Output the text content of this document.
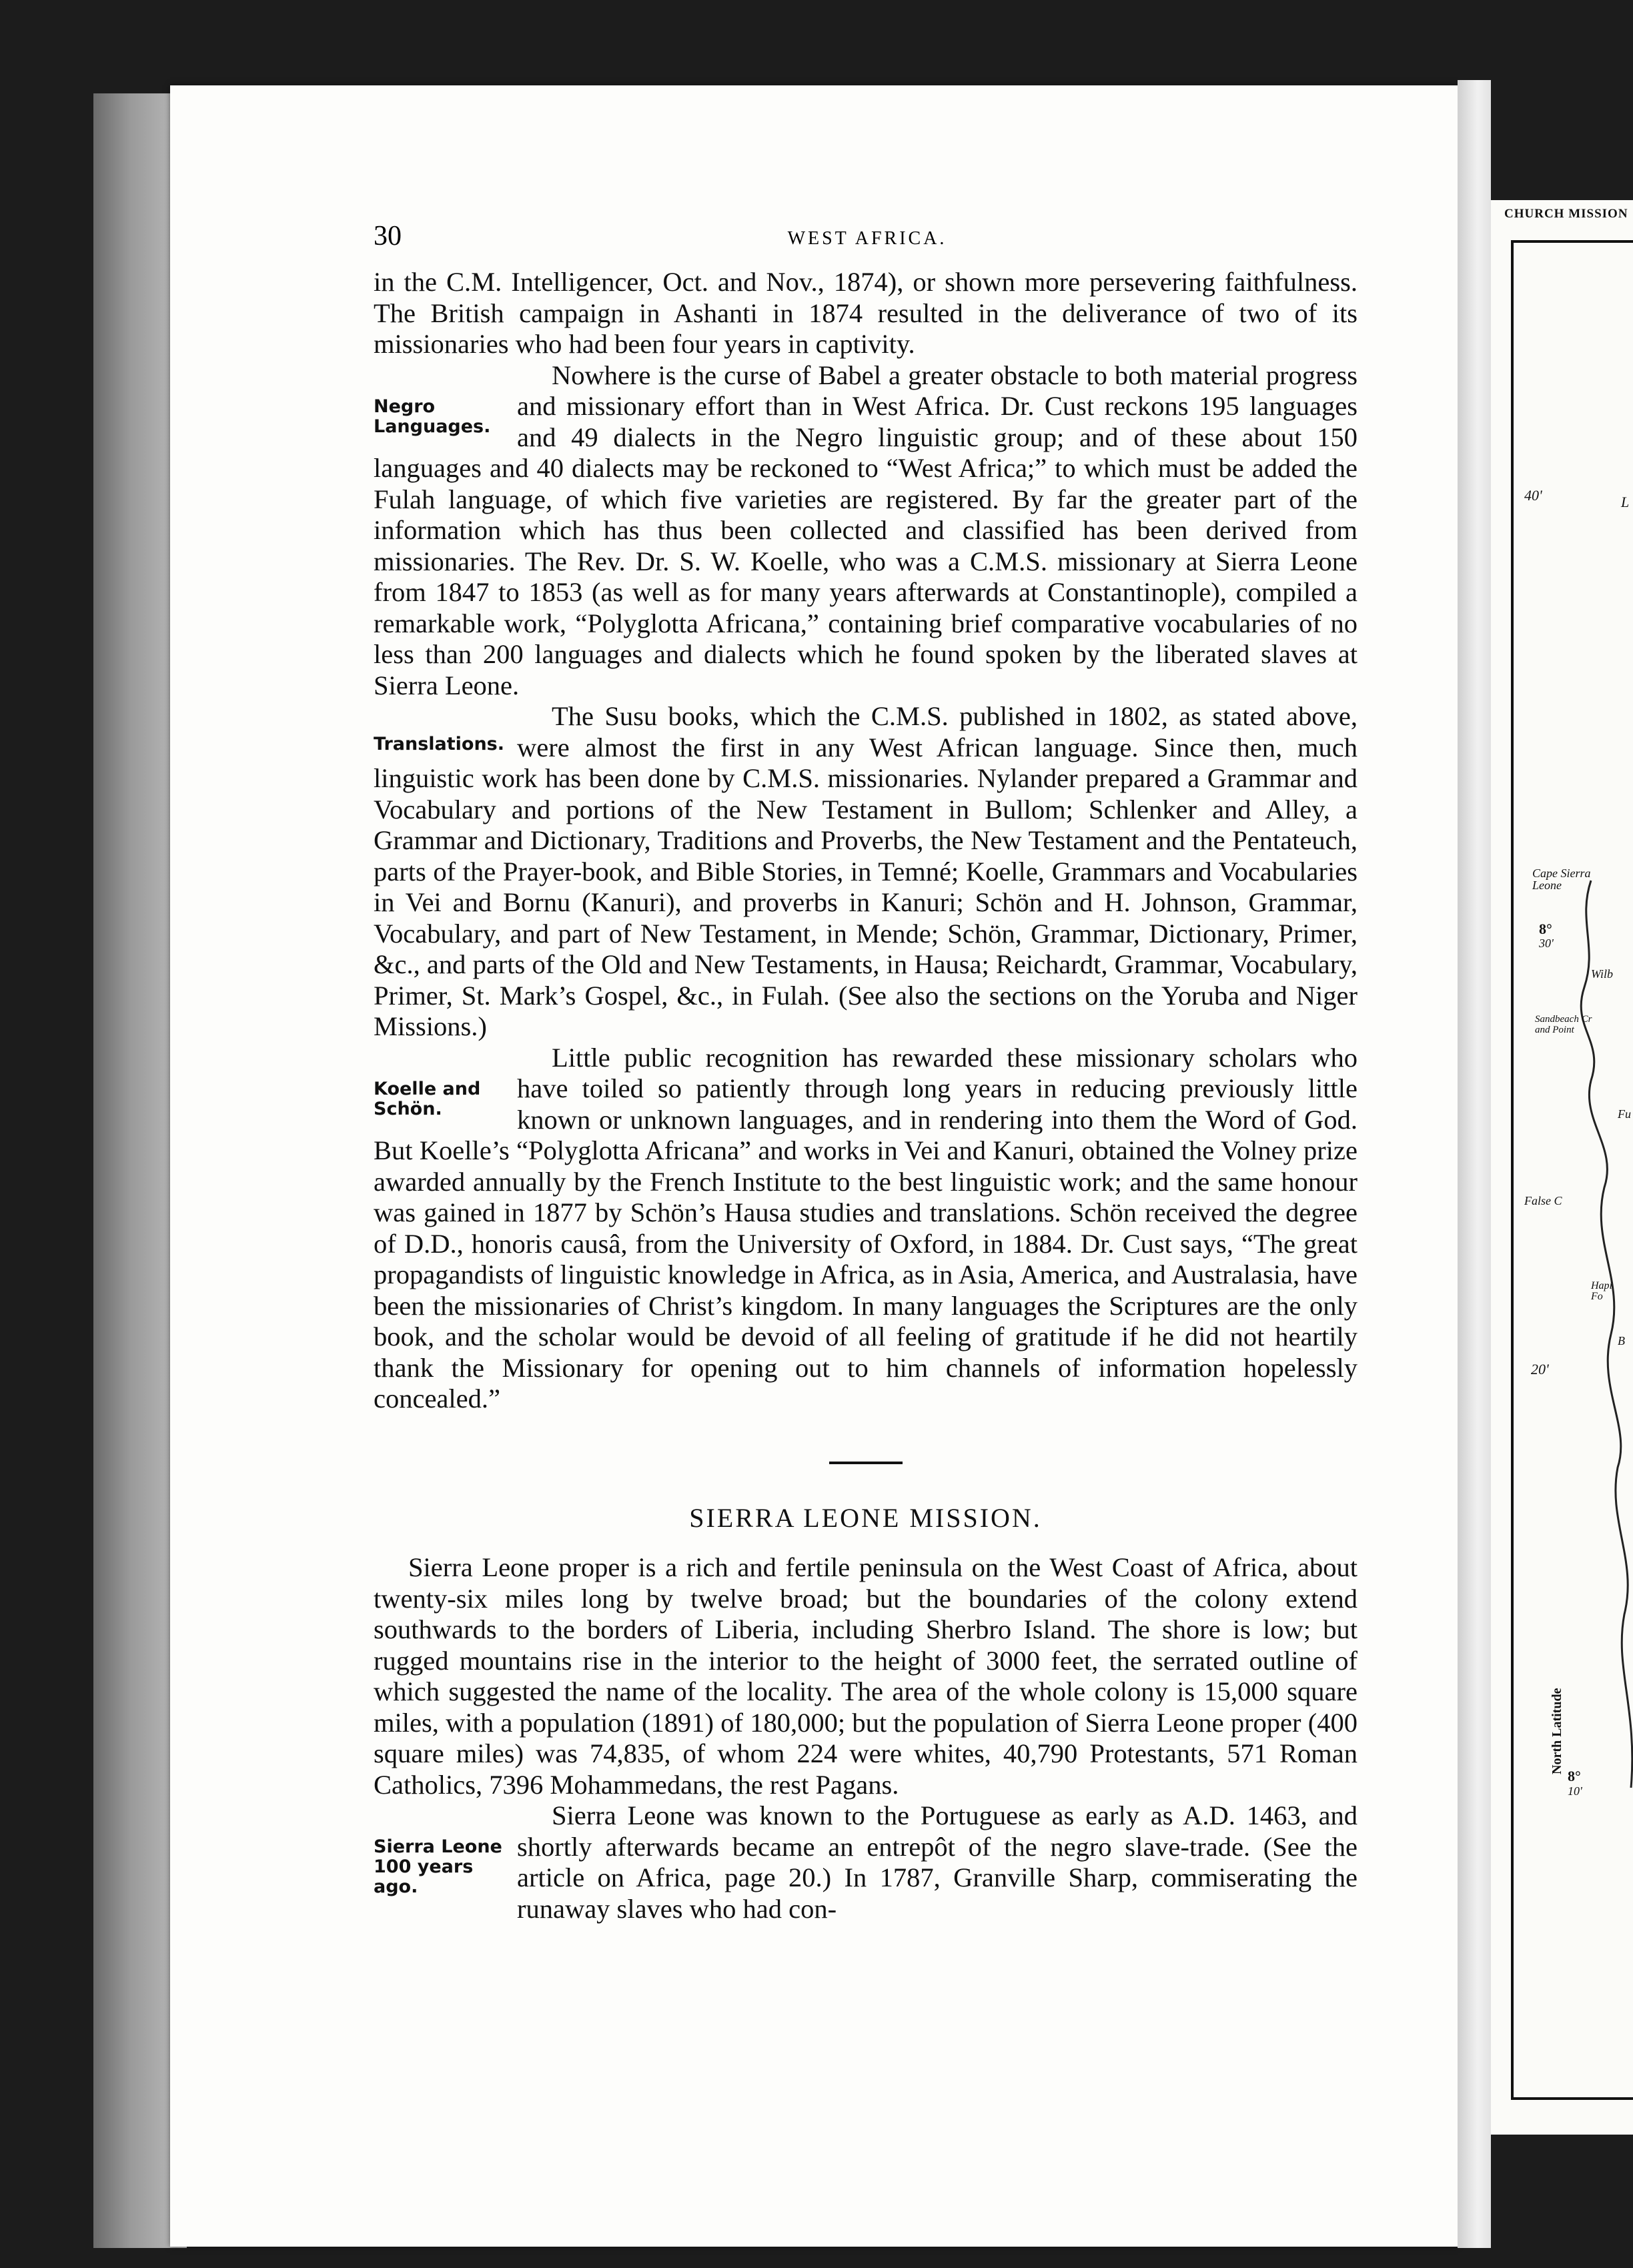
CHURCH MISSION
40'	L
Cape Sierra Leone
8°
30'
Wilb
Sandbeach Cr and Point
Fu
False C
Hapi Fo
B
20'
8°
10'
North Latitude
30	WEST AFRICA.

in the C.M. Intelligencer, Oct. and Nov., 1874), or shown more persevering faithfulness. The British campaign in Ashanti in 1874 resulted in the deliverance of two of its missionaries who had been four years in captivity.

Negro Languages.

Nowhere is the curse of Babel a greater obstacle to both material progress and missionary effort than in West Africa. Dr. Cust reckons 195 languages and 49 dialects in the Negro linguistic group; and of these about 150 languages and 40 dialects may be reckoned to “West Africa;” to which must be added the Fulah language, of which five varieties are registered. By far the greater part of the information which has thus been collected and classified has been derived from missionaries. The Rev. Dr. S. W. Koelle, who was a C.M.S. missionary at Sierra Leone from 1847 to 1853 (as well as for many years afterwards at Constantinople), compiled a remarkable work, “Polyglotta Africana,” containing brief comparative vocabularies of no less than 200 languages and dialects which he found spoken by the liberated slaves at Sierra Leone.

Translations.

The Susu books, which the C.M.S. published in 1802, as stated above, were almost the first in any West African language. Since then, much linguistic work has been done by C.M.S. missionaries. Nylander prepared a Grammar and Vocabulary and portions of the New Testament in Bullom; Schlenker and Alley, a Grammar and Dictionary, Traditions and Proverbs, the New Testament and the Pentateuch, parts of the Prayer-book, and Bible Stories, in Temné; Koelle, Grammars and Vocabularies in Vei and Bornu (Kanuri), and proverbs in Kanuri; Schön and H. Johnson, Grammar, Vocabulary, and part of New Testament, in Mende; Schön, Grammar, Dictionary, Primer, &c., and parts of the Old and New Testaments, in Hausa; Reichardt, Grammar, Vocabulary, Primer, St. Mark’s Gospel, &c., in Fulah. (See also the sections on the Yoruba and Niger Missions.)

Koelle and Schön.

Little public recognition has rewarded these missionary scholars who have toiled so patiently through long years in reducing previously little known or unknown languages, and in rendering into them the Word of God. But Koelle’s “Polyglotta Africana” and works in Vei and Kanuri, obtained the Volney prize awarded annually by the French Institute to the best linguistic work; and the same honour was gained in 1877 by Schön’s Hausa studies and translations. Schön received the degree of D.D., honoris causâ, from the University of Oxford, in 1884. Dr. Cust says, “The great propagandists of linguistic knowledge in Africa, as in Asia, America, and Australasia, have been the missionaries of Christ’s kingdom. In many languages the Scriptures are the only book, and the scholar would be devoid of all feeling of gratitude if he did not heartily thank the Missionary for opening out to him channels of information hopelessly concealed.”

SIERRA LEONE MISSION.

Sierra Leone proper is a rich and fertile peninsula on the West Coast of Africa, about twenty-six miles long by twelve broad; but the boundaries of the colony extend southwards to the borders of Liberia, including Sherbro Island. The shore is low; but rugged mountains rise in the interior to the height of 3000 feet, the serrated outline of which suggested the name of the locality. The area of the whole colony is 15,000 square miles, with a population (1891) of 180,000; but the population of Sierra Leone proper (400 square miles) was 74,835, of whom 224 were whites, 40,790 Protestants, 571 Roman Catholics, 7396 Mohammedans, the rest Pagans.

Sierra Leone 100 years ago.

Sierra Leone was known to the Portuguese as early as A.D. 1463, and shortly afterwards became an entrepôt of the negro slave-trade. (See the article on Africa, page 20.) In 1787, Granville Sharp, commiserating the runaway slaves who had con-
